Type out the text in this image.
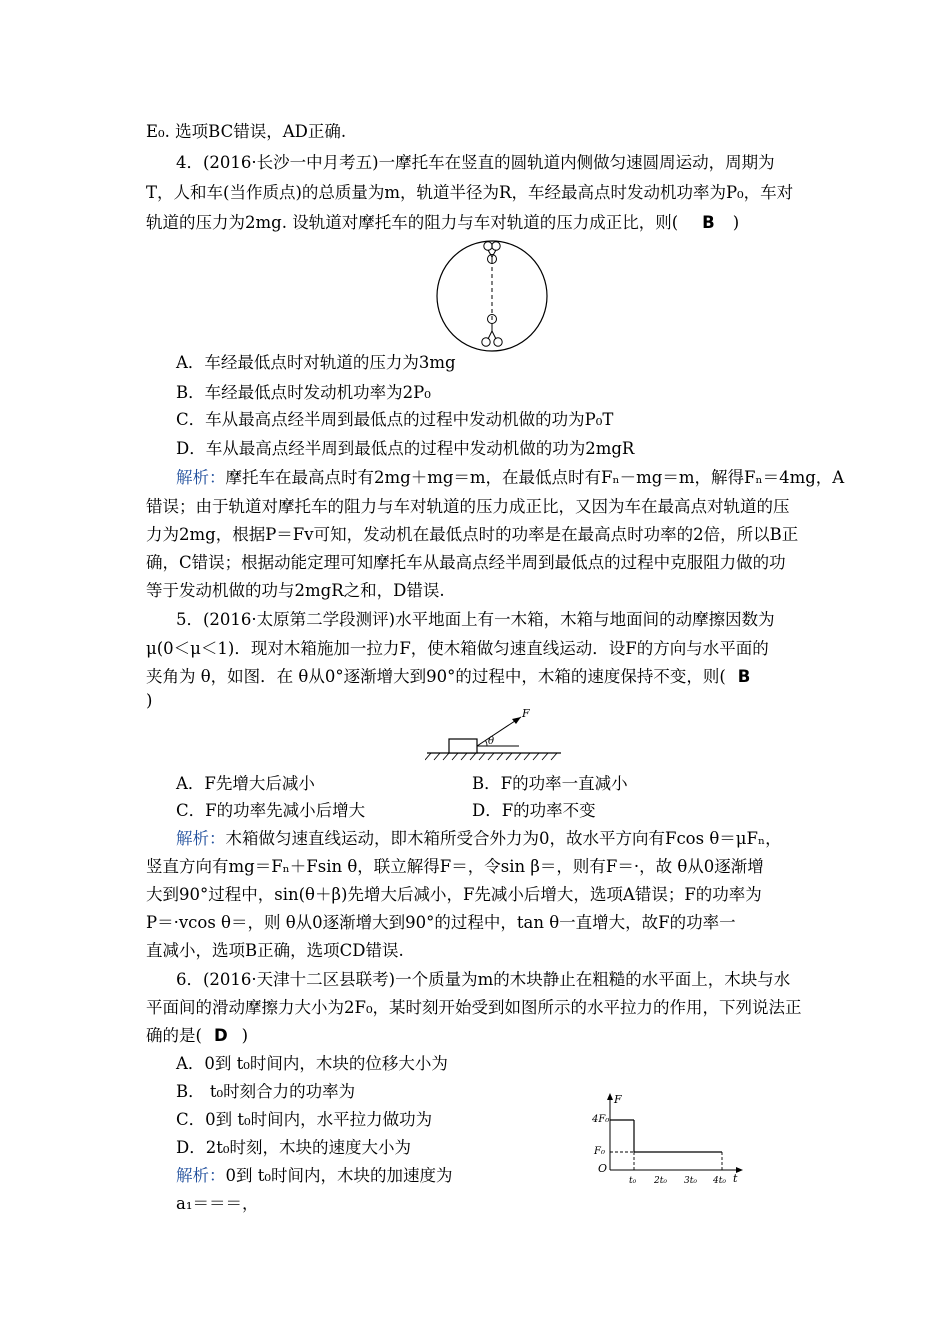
E₀. 选项BC错误，AD正确.
4．(2016·长沙一中月考五)一摩托车在竖直的圆轨道内侧做匀速圆周运动，周期为
T，人和车(当作质点)的总质量为m，轨道半径为R，车经最高点时发动机功率为P₀，车对
轨道的压力为2mg. 设轨道对摩托车的阻力与车对轨道的压力成正比，则( B )
A．车经最低点时对轨道的压力为3mg
B．车经最低点时发动机功率为2P₀
C．车从最高点经半周到最低点的过程中发动机做的功为P₀T
D．车从最高点经半周到最低点的过程中发动机做的功为2mgR
解析：摩托车在最高点时有2mg＋mg＝m，在最低点时有Fₙ－mg＝m，解得Fₙ＝4mg，A
错误；由于轨道对摩托车的阻力与车对轨道的压力成正比，又因为车在最高点对轨道的压
力为2mg，根据P＝Fv可知，发动机在最低点时的功率是在最高点时功率的2倍，所以B正
确，C错误；根据动能定理可知摩托车从最高点经半周到最低点的过程中克服阻力做的功
等于发动机做的功与2mgR之和，D错误.
5．(2016·太原第二学段测评)水平地面上有一木箱，木箱与地面间的动摩擦因数为
μ(0＜μ＜1)．现对木箱施加一拉力F，使木箱做匀速直线运动．设F的方向与水平面的
夹角为 θ，如图．在 θ从0°逐渐增大到90°的过程中，木箱的速度保持不变，则( B
)
F
θ
A．F先增大后减小	B．F的功率一直减小
C．F的功率先减小后增大	D．F的功率不变
解析：木箱做匀速直线运动，即木箱所受合外力为0，故水平方向有Fcos θ＝μFₙ，
竖直方向有mg＝Fₙ＋Fsin θ，联立解得F＝，令sin β＝，则有F＝·，故 θ从0逐渐增
大到90°过程中，sin(θ＋β)先增大后减小，F先减小后增大，选项A错误；F的功率为
P＝·vcos θ＝，则 θ从0逐渐增大到90°的过程中，tan θ一直增大，故F的功率一
直减小，选项B正确，选项CD错误.
6．(2016·天津十二区县联考)一个质量为m的木块静止在粗糙的水平面上，木块与水
平面间的滑动摩擦力大小为2F₀，某时刻开始受到如图所示的水平拉力的作用，下列说法正
确的是( D )
A．0到 t₀时间内，木块的位移大小为
B． t₀时刻合力的功率为
C．0到 t₀时间内，水平拉力做功为
D．2t₀时刻，木块的速度大小为
解析：0到 t₀时间内，木块的加速度为
a₁＝＝＝，
F
t
O
4F₀
F₀
t₀ 2t₀ 3t₀ 4t₀
